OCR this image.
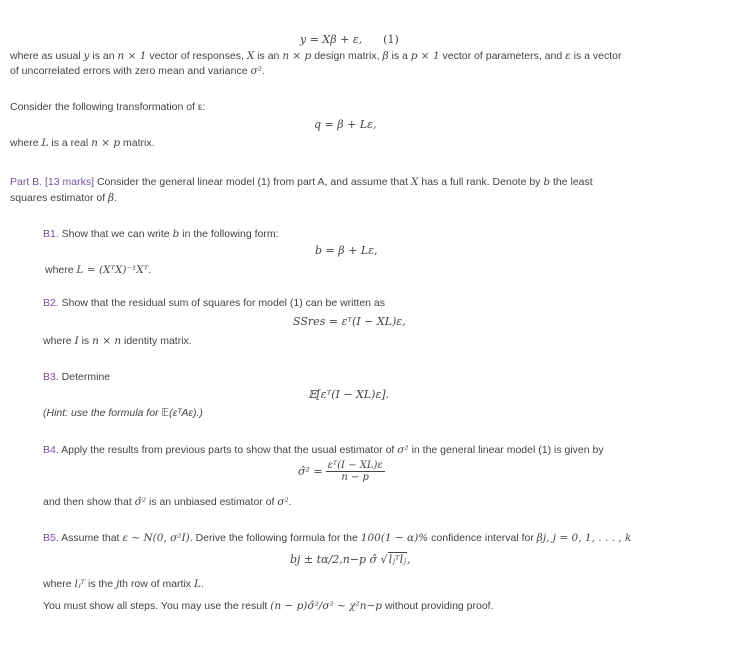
y = Xβ + ε, (1)
where as usual y is an n × 1 vector of responses, X is an n × p design matrix, β is a p × 1 vector of parameters, and ε is a vector
of uncorrelated errors with zero mean and variance σ².
Consider the following transformation of ε:
q = β + Lε,
where L is a real n × p matrix.
Part B. [13 marks] Consider the general linear model (1) from part A, and assume that X has a full rank. Denote by b the least
squares estimator of β.
B1. Show that we can write b in the following form:
b = β + Lε,
where L = (XᵀX)⁻¹Xᵀ.
B2. Show that the residual sum of squares for model (1) can be written as
SSres = εᵀ(I − XL)ε,
where I is n × n identity matrix.
B3. Determine
𝔼[εᵀ(I − XL)ε].
(Hint: use the formula for 𝔼(εᵀAε).)
B4. Apply the results from previous parts to show that the usual estimator of σ² in the general linear model (1) is given by
σ̂² = $\frac{\text{εᵀ(I − XL)ε}}{n - p}$
and then show that σ̂² is an unbiased estimator of σ².
B5. Assume that ε ∼ N(0, σ²I). Derive the following formula for the 100(1 − α)% confidence interval for βj, j = 0, 1, . . . , k
bj ± tα/2,n−p σ̂ √lⱼᵀlⱼ,
where lⱼᵀ is the jth row of martix L.
You must show all steps. You may use the result (n − p)σ̂²/σ² ∼ χ²n−p without providing proof.
